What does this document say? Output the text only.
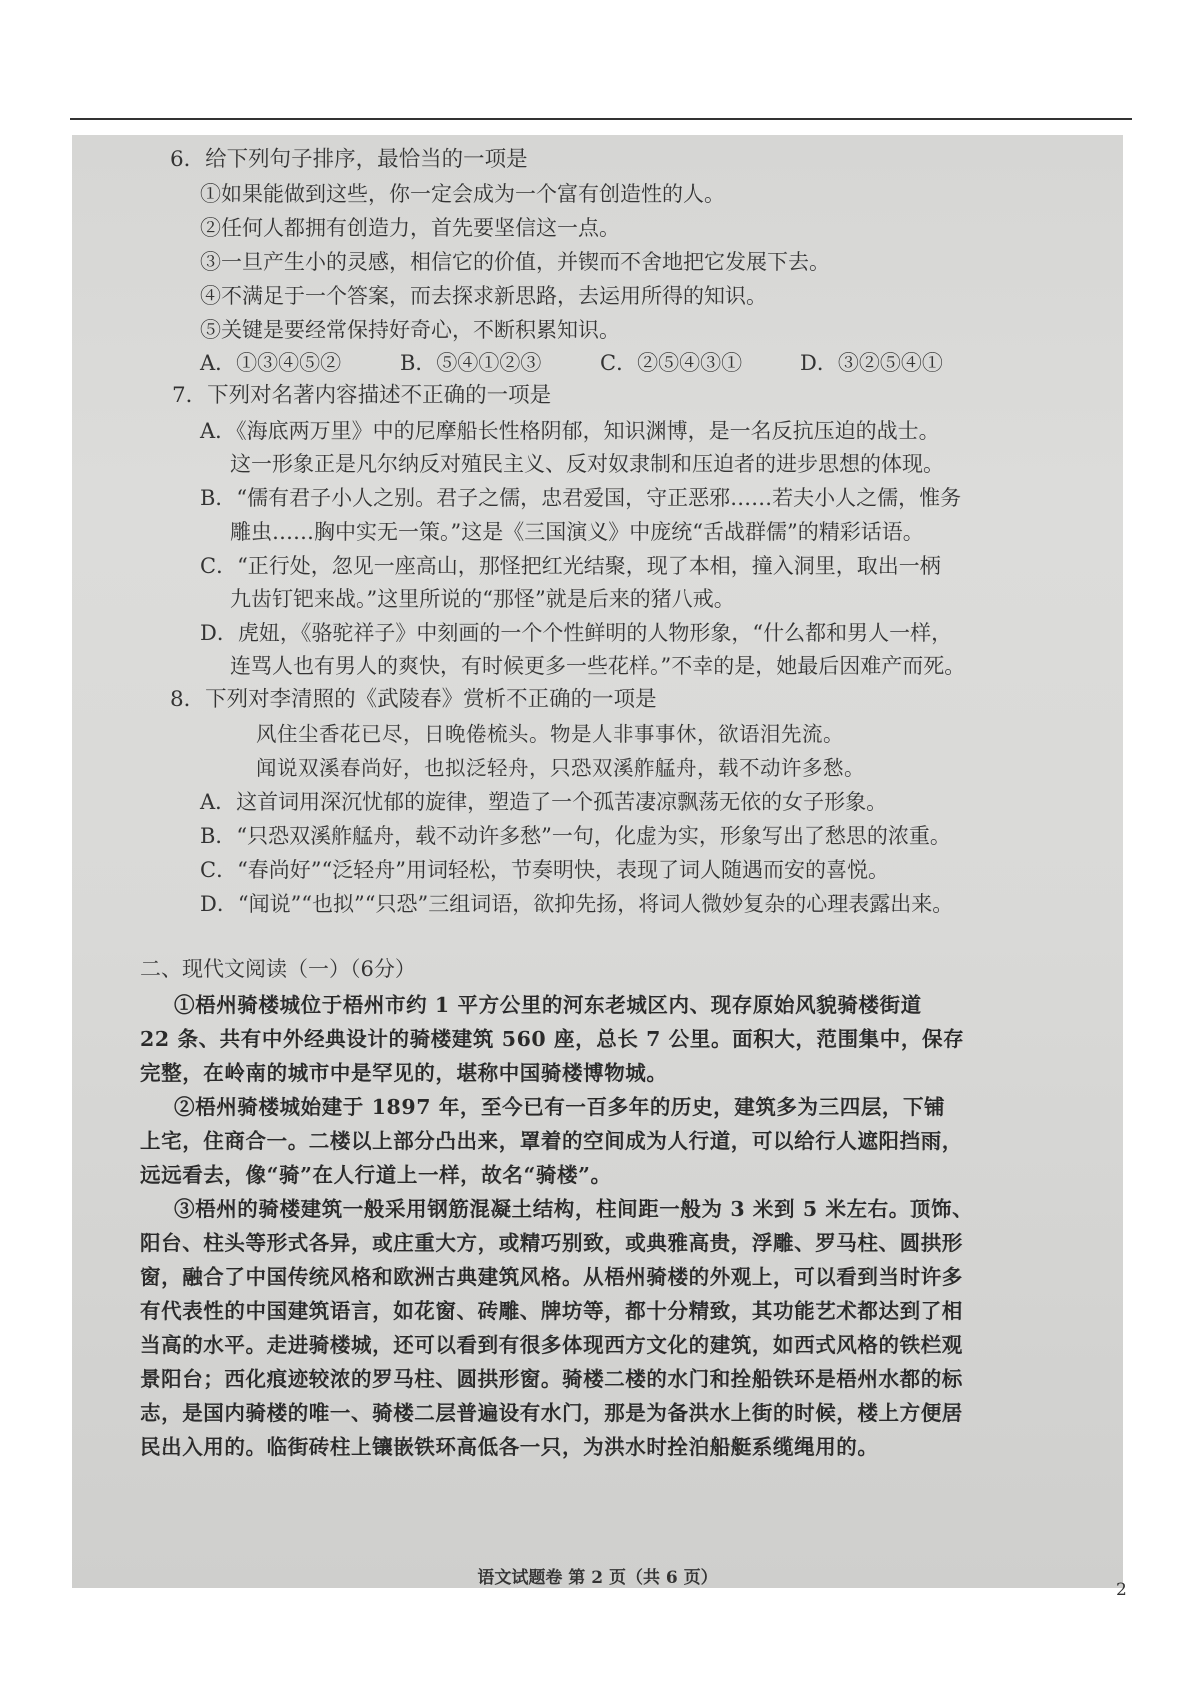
6．给下列句子排序，最恰当的一项是
①如果能做到这些，你一定会成为一个富有创造性的人。
②任何人都拥有创造力，首先要坚信这一点。
③一旦产生小的灵感，相信它的价值，并锲而不舍地把它发展下去。
④不满足于一个答案，而去探求新思路，去运用所得的知识。
⑤关键是要经常保持好奇心，不断积累知识。
A．①③④⑤②	B．⑤④①②③	C．②⑤④③①	D．③②⑤④①
7．下列对名著内容描述不正确的一项是
A．《海底两万里》中的尼摩船长性格阴郁，知识渊博，是一名反抗压迫的战士。
这一形象正是凡尔纳反对殖民主义、反对奴隶制和压迫者的进步思想的体现。
B．“儒有君子小人之别。君子之儒，忠君爱国，守正恶邪……若夫小人之儒，惟务
雕虫……胸中实无一策。”这是《三国演义》中庞统“舌战群儒”的精彩话语。
C．“正行处，忽见一座高山，那怪把红光结聚，现了本相，撞入洞里，取出一柄
九齿钉钯来战。”这里所说的“那怪”就是后来的猪八戒。
D．虎妞，《骆驼祥子》中刻画的一个个性鲜明的人物形象，“什么都和男人一样，
连骂人也有男人的爽快，有时候更多一些花样。”不幸的是，她最后因难产而死。
8．下列对李清照的《武陵春》赏析不正确的一项是
风住尘香花已尽，日晚倦梳头。物是人非事事休，欲语泪先流。
闻说双溪春尚好，也拟泛轻舟，只恐双溪舴艋舟，载不动许多愁。
A．这首词用深沉忧郁的旋律，塑造了一个孤苦凄凉飘荡无依的女子形象。
B．“只恐双溪舴艋舟，载不动许多愁”一句，化虚为实，形象写出了愁思的浓重。
C．“春尚好”“泛轻舟”用词轻松，节奏明快，表现了词人随遇而安的喜悦。
D．“闻说”“也拟”“只恐”三组词语，欲抑先扬，将词人微妙复杂的心理表露出来。
二、现代文阅读（一）（6分）
①梧州骑楼城位于梧州市约 1 平方公里的河东老城区内、现存原始风貌骑楼街道
22 条、共有中外经典设计的骑楼建筑 560 座，总长 7 公里。面积大，范围集中，保存
完整，在岭南的城市中是罕见的，堪称中国骑楼博物城。
②梧州骑楼城始建于 1897 年，至今已有一百多年的历史，建筑多为三四层，下铺
上宅，住商合一。二楼以上部分凸出来，罩着的空间成为人行道，可以给行人遮阳挡雨，
远远看去，像“骑”在人行道上一样，故名“骑楼”。
③梧州的骑楼建筑一般采用钢筋混凝土结构，柱间距一般为 3 米到 5 米左右。顶饰、
阳台、柱头等形式各异，或庄重大方，或精巧别致，或典雅高贵，浮雕、罗马柱、圆拱形
窗，融合了中国传统风格和欧洲古典建筑风格。从梧州骑楼的外观上，可以看到当时许多
有代表性的中国建筑语言，如花窗、砖雕、牌坊等，都十分精致，其功能艺术都达到了相
当高的水平。走进骑楼城，还可以看到有很多体现西方文化的建筑，如西式风格的铁栏观
景阳台；西化痕迹较浓的罗马柱、圆拱形窗。骑楼二楼的水门和拴船铁环是梧州水都的标
志，是国内骑楼的唯一、骑楼二层普遍设有水门，那是为备洪水上街的时候，楼上方便居
民出入用的。临街砖柱上镶嵌铁环高低各一只，为洪水时拴泊船艇系缆绳用的。
语文试题卷 第 2 页（共 6 页）
2
